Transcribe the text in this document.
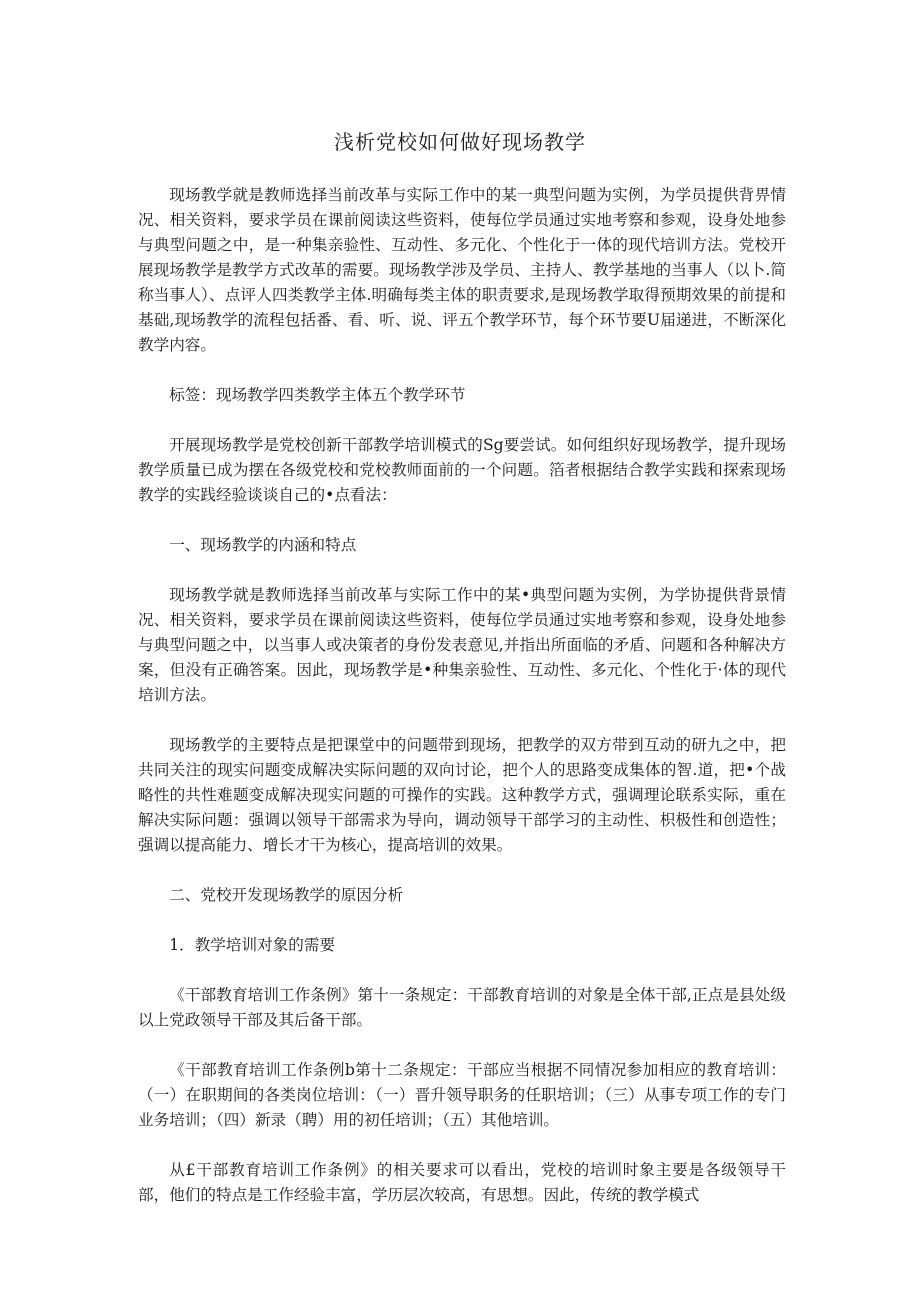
浅析党校如何做好现场教学

现场教学就是教师选择当前改革与实际工作中的某一典型问题为实例，为学员提供背畀情况、相关资料，要求学员在课前阅读这些资料，使每位学员通过实地考察和参观，设身处地参与典型问题之中，是一种集亲验性、互动性、多元化、个性化于一体的现代培训方法。党校开展现场教学是教学方式改革的需要。现场教学涉及学员、主持人、教学基地的当事人（以卜.简称当事人）、点评人四类教学主体.明确每类主体的职责要求,是现场教学取得预期效果的前提和基础,现场教学的流程包括番、看、听、说、评五个教学环节，每个环节要U届递进，不断深化教学内容。

标签：现场教学四类教学主体五个教学环节

开展现场教学是党校创新干部教学培训模式的Sg要尝试。如何组织好现场教学，提升现场教学质量已成为摆在各级党校和党校教师面前的一个问题。箔者根据结合教学实践和探索现场教学的实践经验谈谈自己的•点看法：

一、现场教学的内涵和特点

现场教学就是教师选择当前改革与实际工作中的某•典型问题为实例，为学协提供背景情况、相关资料，要求学员在课前阅读这些资料，使每位学员通过实地考察和参观，设身处地参与典型问题之中，以当事人或决策者的身份发表意见,并指出所面临的矛盾、问题和各种解决方案，但没有正确答案。因此，现场教学是•种集亲验性、互动性、多元化、个性化于·体的现代培训方法。

现场教学的主要特点是把课堂中的问题带到现场，把教学的双方带到互动的研九之中，把共同关注的现实问题变成解决实际问题的双向讨论，把个人的思路变成集体的智.道，把•个战略性的共性难题变成解决现实问题的可操作的实践。这种教学方式，强调理论联系实际，重在解决实际问题：强调以领导干部需求为导向，调动领导干部学习的主动性、枳极性和创造性；强调以提高能力、增长才干为核心，提高培训的效果。

二、党校开发现场教学的原因分析

1．教学培训对象的需要

《干部教育培训工作条例》第十一条规定：干部教育培训的对象是全体干部,正点是县处级以上党政领导干部及其后备干部。

《干部教育培训工作条例b第十二条规定：干部应当根据不同情况参加相应的教育培训：（一）在职期间的各类岗位培训：（一）晋升领导职务的任职培训；（三）从事专项工作的专门业务培训；（四）新录（聘）用的初任培训；（五）其他培训。

从£干部教育培训工作条例》的相关要求可以看出，党校的培训时象主要是各级领导干部，他们的特点是工作经验丰富，学历层次较高，有思想。因此，传统的教学模式
